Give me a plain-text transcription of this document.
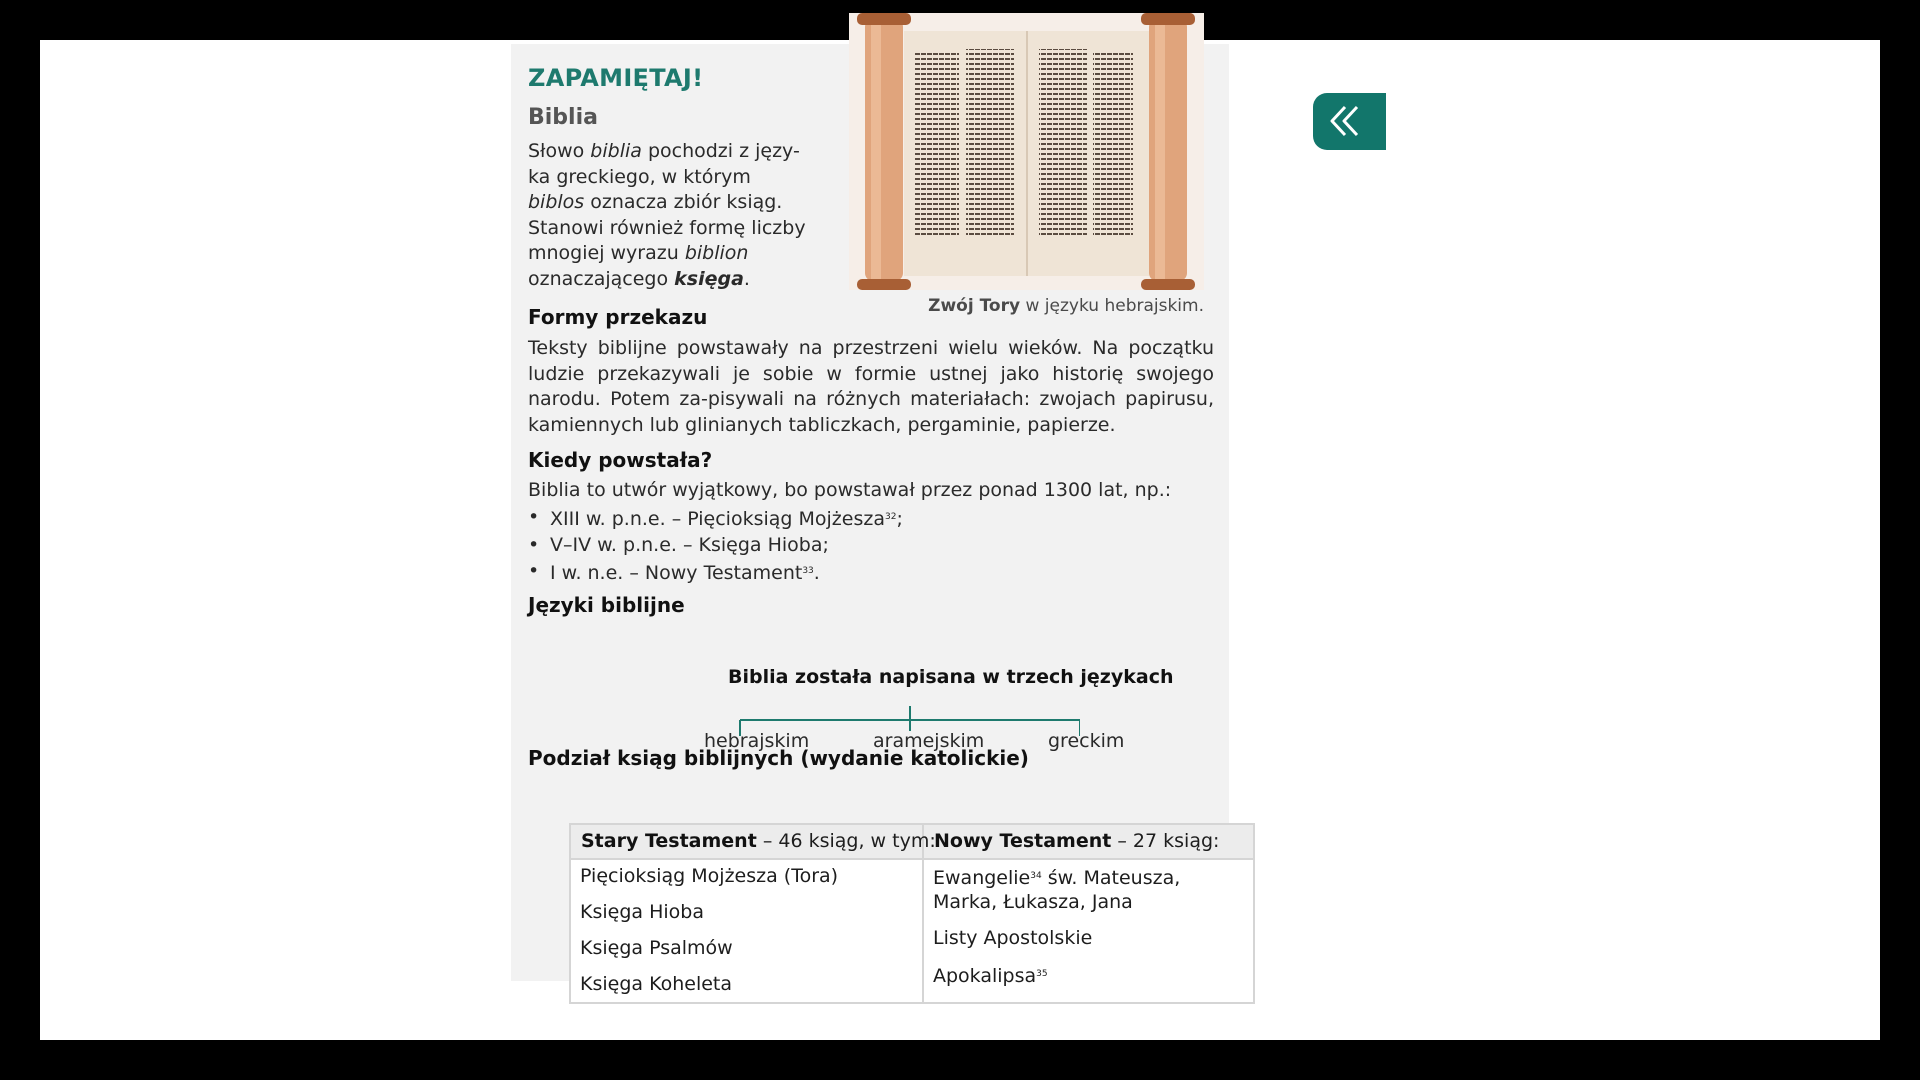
Zwój Tory w języku hebrajskim.
ZAPAMIĘTAJ!
Biblia
Słowo biblia pochodzi z języ-ka greckiego, w którym biblos oznacza zbiór ksiąg. Stanowi również formę liczby mnogiej wyrazu biblion oznaczającego księga.
Formy przekazu
Teksty biblijne powstawały na przestrzeni wielu wieków. Na początku ludzie przekazywali je sobie w formie ustnej jako historię swojego narodu. Potem za-pisywali na różnych materiałach: zwojach papirusu, kamiennych lub glinianych tabliczkach, pergaminie, papierze.
Kiedy powstała?
Biblia to utwór wyjątkowy, bo powstawał przez ponad 1300 lat, np.:
• XIII w. p.n.e. – Pięcioksiąg Mojżesza$^{32}$;
• V–IV w. p.n.e. – Księga Hioba;
• I w. n.e. – Nowy Testament$^{33}$.
Języki biblijne
Biblia została napisana w trzech językach
hebrajskim	aramejskim	greckim
Podział ksiąg biblijnych (wydanie katolickie)
Stary Testament – 46 ksiąg, w tym:
Nowy Testament – 27 ksiąg:
Pięcioksiąg Mojżesza (Tora)
Księga Hioba
Księga Psalmów
Księga Koheleta
Ewangelie$^{34}$ św. Mateusza, Marka, Łukasza, Jana
Listy Apostolskie
Apokalipsa$^{35}$
